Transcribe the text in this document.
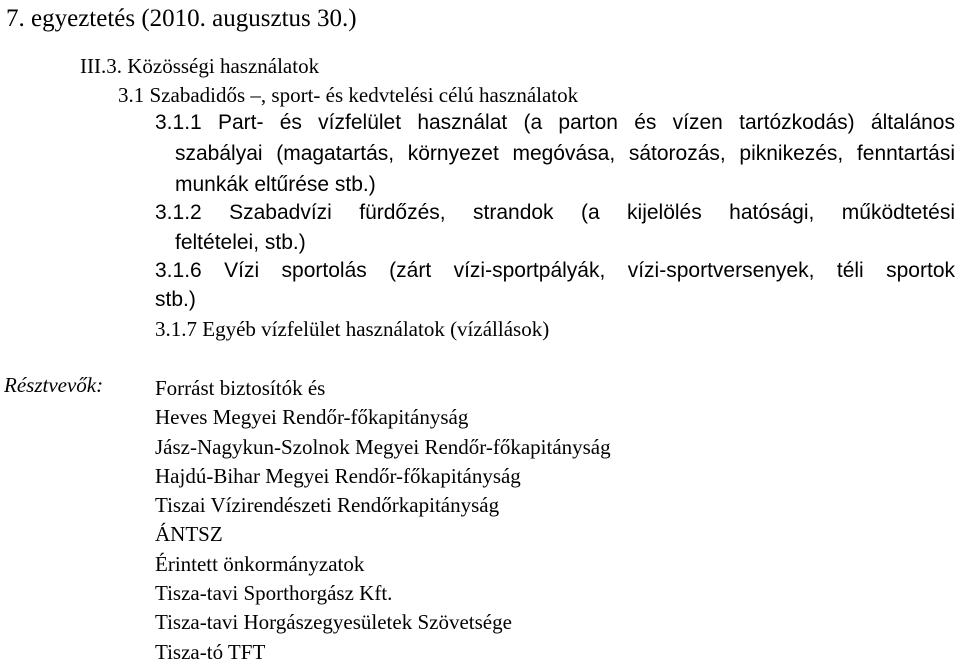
7. egyeztetés (2010. augusztus 30.)
III.3. Közösségi használatok
3.1 Szabadidős –, sport- és kedvtelési célú használatok
3.1.1 Part- és vízfelület használat (a parton és vízen tartózkodás) általános
szabályai (magatartás, környezet megóvása, sátorozás, piknikezés, fenntartási
munkák eltűrése stb.)
3.1.2 Szabadvízi fürdőzés, strandok (a kijelölés hatósági, működtetési
feltételei, stb.)
3.1.6 Vízi sportolás (zárt vízi-sportpályák, vízi-sportversenyek, téli sportok
stb.)
3.1.7 Egyéb vízfelület használatok (vízállások)
Résztvevők: Forrást biztosítók és
Heves Megyei Rendőr-főkapitányság
Jász-Nagykun-Szolnok Megyei Rendőr-főkapitányság
Hajdú-Bihar Megyei Rendőr-főkapitányság
Tiszai Vízirendészeti Rendőrkapitányság
ÁNTSZ
Érintett önkormányzatok
Tisza-tavi Sporthorgász Kft.
Tisza-tavi Horgászegyesületek Szövetsége
Tisza-tó TFT
